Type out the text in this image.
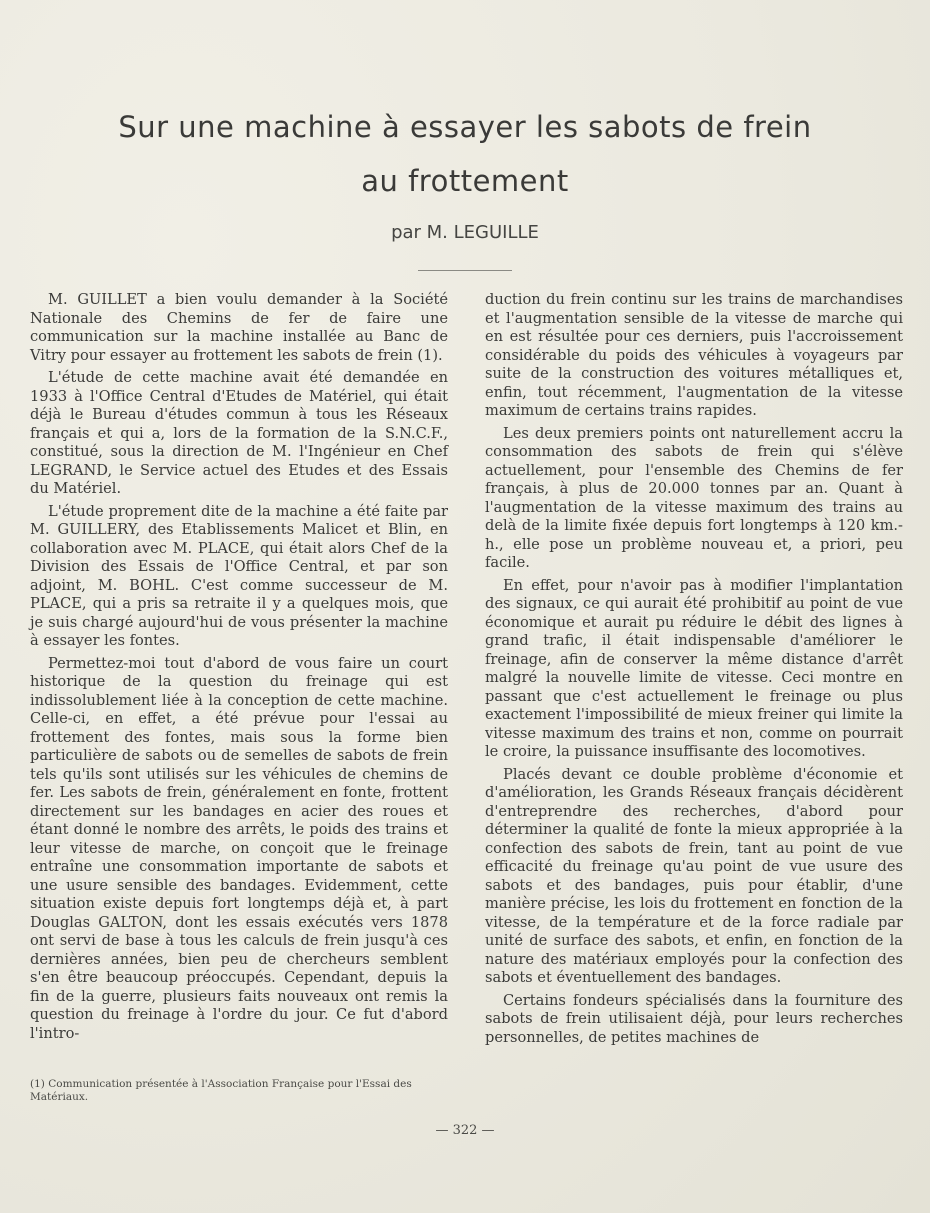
Sur une machine à essayer les sabots de frein
au frottement
par M. LEGUILLE

M. GUILLET a bien voulu demander à la Société Nationale des Chemins de fer de faire une communication sur la machine installée au Banc de Vitry pour essayer au frottement les sabots de frein (1).

L'étude de cette machine avait été demandée en 1933 à l'Office Central d'Etudes de Matériel, qui était déjà le Bureau d'études commun à tous les Réseaux français et qui a, lors de la formation de la S.N.C.F., constitué, sous la direction de M. l'Ingénieur en Chef LEGRAND, le Service actuel des Etudes et des Essais du Matériel.

L'étude proprement dite de la machine a été faite par M. GUILLERY, des Etablissements Malicet et Blin, en collaboration avec M. PLACE, qui était alors Chef de la Division des Essais de l'Office Central, et par son adjoint, M. BOHL. C'est comme successeur de M. PLACE, qui a pris sa retraite il y a quelques mois, que je suis chargé aujourd'hui de vous présenter la machine à essayer les fontes.

Permettez-moi tout d'abord de vous faire un court historique de la question du freinage qui est indissolublement liée à la conception de cette machine. Celle-ci, en effet, a été prévue pour l'essai au frottement des fontes, mais sous la forme bien particulière de sabots ou de semelles de sabots de frein tels qu'ils sont utilisés sur les véhicules de chemins de fer. Les sabots de frein, généralement en fonte, frottent directement sur les bandages en acier des roues et étant donné le nombre des arrêts, le poids des trains et leur vitesse de marche, on conçoit que le freinage entraîne une consommation importante de sabots et une usure sensible des bandages. Evidemment, cette situation existe depuis fort longtemps déjà et, à part Douglas GALTON, dont les essais exécutés vers 1878 ont servi de base à tous les calculs de frein jusqu'à ces dernières années, bien peu de chercheurs semblent s'en être beaucoup préoccupés. Cependant, depuis la fin de la guerre, plusieurs faits nouveaux ont remis la question du freinage à l'ordre du jour. Ce fut d'abord l'intro-

duction du frein continu sur les trains de marchandises et l'augmentation sensible de la vitesse de marche qui en est résultée pour ces derniers, puis l'accroissement considérable du poids des véhicules à voyageurs par suite de la construction des voitures métalliques et, enfin, tout récemment, l'augmentation de la vitesse maximum de certains trains rapides.

Les deux premiers points ont naturellement accru la consommation des sabots de frein qui s'élève actuellement, pour l'ensemble des Chemins de fer français, à plus de 20.000 tonnes par an. Quant à l'augmentation de la vitesse maximum des trains au delà de la limite fixée depuis fort longtemps à 120 km.-h., elle pose un problème nouveau et, a priori, peu facile.

En effet, pour n'avoir pas à modifier l'implantation des signaux, ce qui aurait été prohibitif au point de vue économique et aurait pu réduire le débit des lignes à grand trafic, il était indispensable d'améliorer le freinage, afin de conserver la même distance d'arrêt malgré la nouvelle limite de vitesse. Ceci montre en passant que c'est actuellement le freinage ou plus exactement l'impossibilité de mieux freiner qui limite la vitesse maximum des trains et non, comme on pourrait le croire, la puissance insuffisante des locomotives.

Placés devant ce double problème d'économie et d'amélioration, les Grands Réseaux français décidèrent d'entreprendre des recherches, d'abord pour déterminer la qualité de fonte la mieux appropriée à la confection des sabots de frein, tant au point de vue efficacité du freinage qu'au point de vue usure des sabots et des bandages, puis pour établir, d'une manière précise, les lois du frottement en fonction de la vitesse, de la température et de la force radiale par unité de surface des sabots, et enfin, en fonction de la nature des matériaux employés pour la confection des sabots et éventuellement des bandages.

Certains fondeurs spécialisés dans la fourniture des sabots de frein utilisaient déjà, pour leurs recherches personnelles, de petites machines de

(1) Communication présentée à l'Association Française pour l'Essai des Matériaux.
— 322 —
